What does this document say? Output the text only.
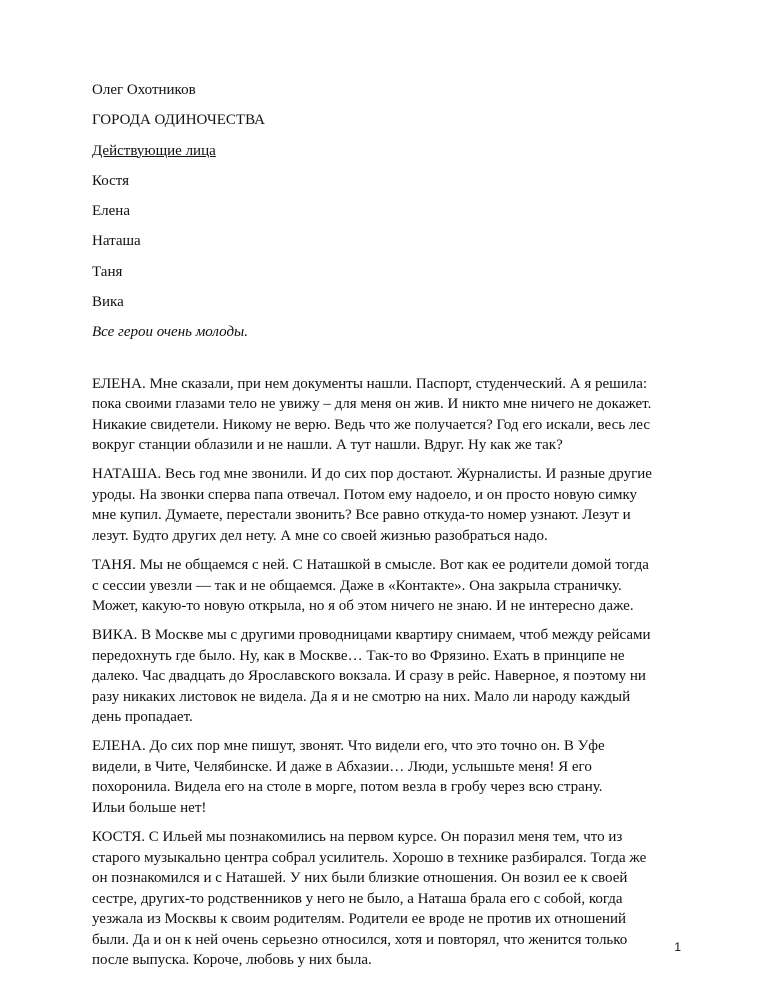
Олег Охотников

ГОРОДА ОДИНОЧЕСТВА

Действующие лица

Костя

Елена

Наташа

Таня

Вика

Все герои очень молоды.

ЕЛЕНА. Мне сказали, при нем документы нашли. Паспорт, студенческий. А я решила:
пока своими глазами тело не увижу – для меня он жив. И никто мне ничего не докажет.
Никакие свидетели. Никому не верю. Ведь что же получается? Год его искали, весь лес
вокруг станции облазили и не нашли. А тут нашли. Вдруг. Ну как же так?
НАТАША. Весь год мне звонили. И до сих пор достают. Журналисты. И разные другие
уроды. На звонки сперва папа отвечал. Потом ему надоело, и он просто новую симку
мне купил. Думаете, перестали звонить? Все равно откуда-то номер узнают. Лезут и
лезут. Будто других дел нету. А мне со своей жизнью разобраться надо.
ТАНЯ. Мы не общаемся с ней. С Наташкой в смысле. Вот как ее родители домой тогда
с сессии увезли — так и не общаемся. Даже в «Контакте». Она закрыла страничку.
Может, какую-то новую открыла, но я об этом ничего не знаю. И не интересно даже.
ВИКА. В Москве мы с другими проводницами квартиру снимаем, чтоб между рейсами
передохнуть где было. Ну, как в Москве… Так-то во Фрязино. Ехать в принципе не
далеко. Час двадцать до Ярославского вокзала. И сразу в рейс. Наверное, я поэтому ни
разу никаких листовок не видела. Да я и не смотрю на них. Мало ли народу каждый
день пропадает.
ЕЛЕНА. До сих пор мне пишут, звонят. Что видели его, что это точно он. В Уфе
видели, в Чите, Челябинске. И даже в Абхазии… Люди, услышьте меня! Я его
похоронила. Видела его на столе в морге, потом везла в гробу через всю страну.
Ильи больше нет!
КОСТЯ. С Ильей мы познакомились на первом курсе. Он поразил меня тем, что из
старого музыкально центра собрал усилитель. Хорошо в технике разбирался. Тогда же
он познакомился и с Наташей. У них были близкие отношения. Он возил ее к своей
сестре, других-то родственников у него не было, а Наташа брала его с собой, когда
уезжала из Москвы к своим родителям. Родители ее вроде не против их отношений
были. Да и он к ней очень серьезно относился, хотя и повторял, что женится только
после выпуска. Короче, любовь у них была.
1
